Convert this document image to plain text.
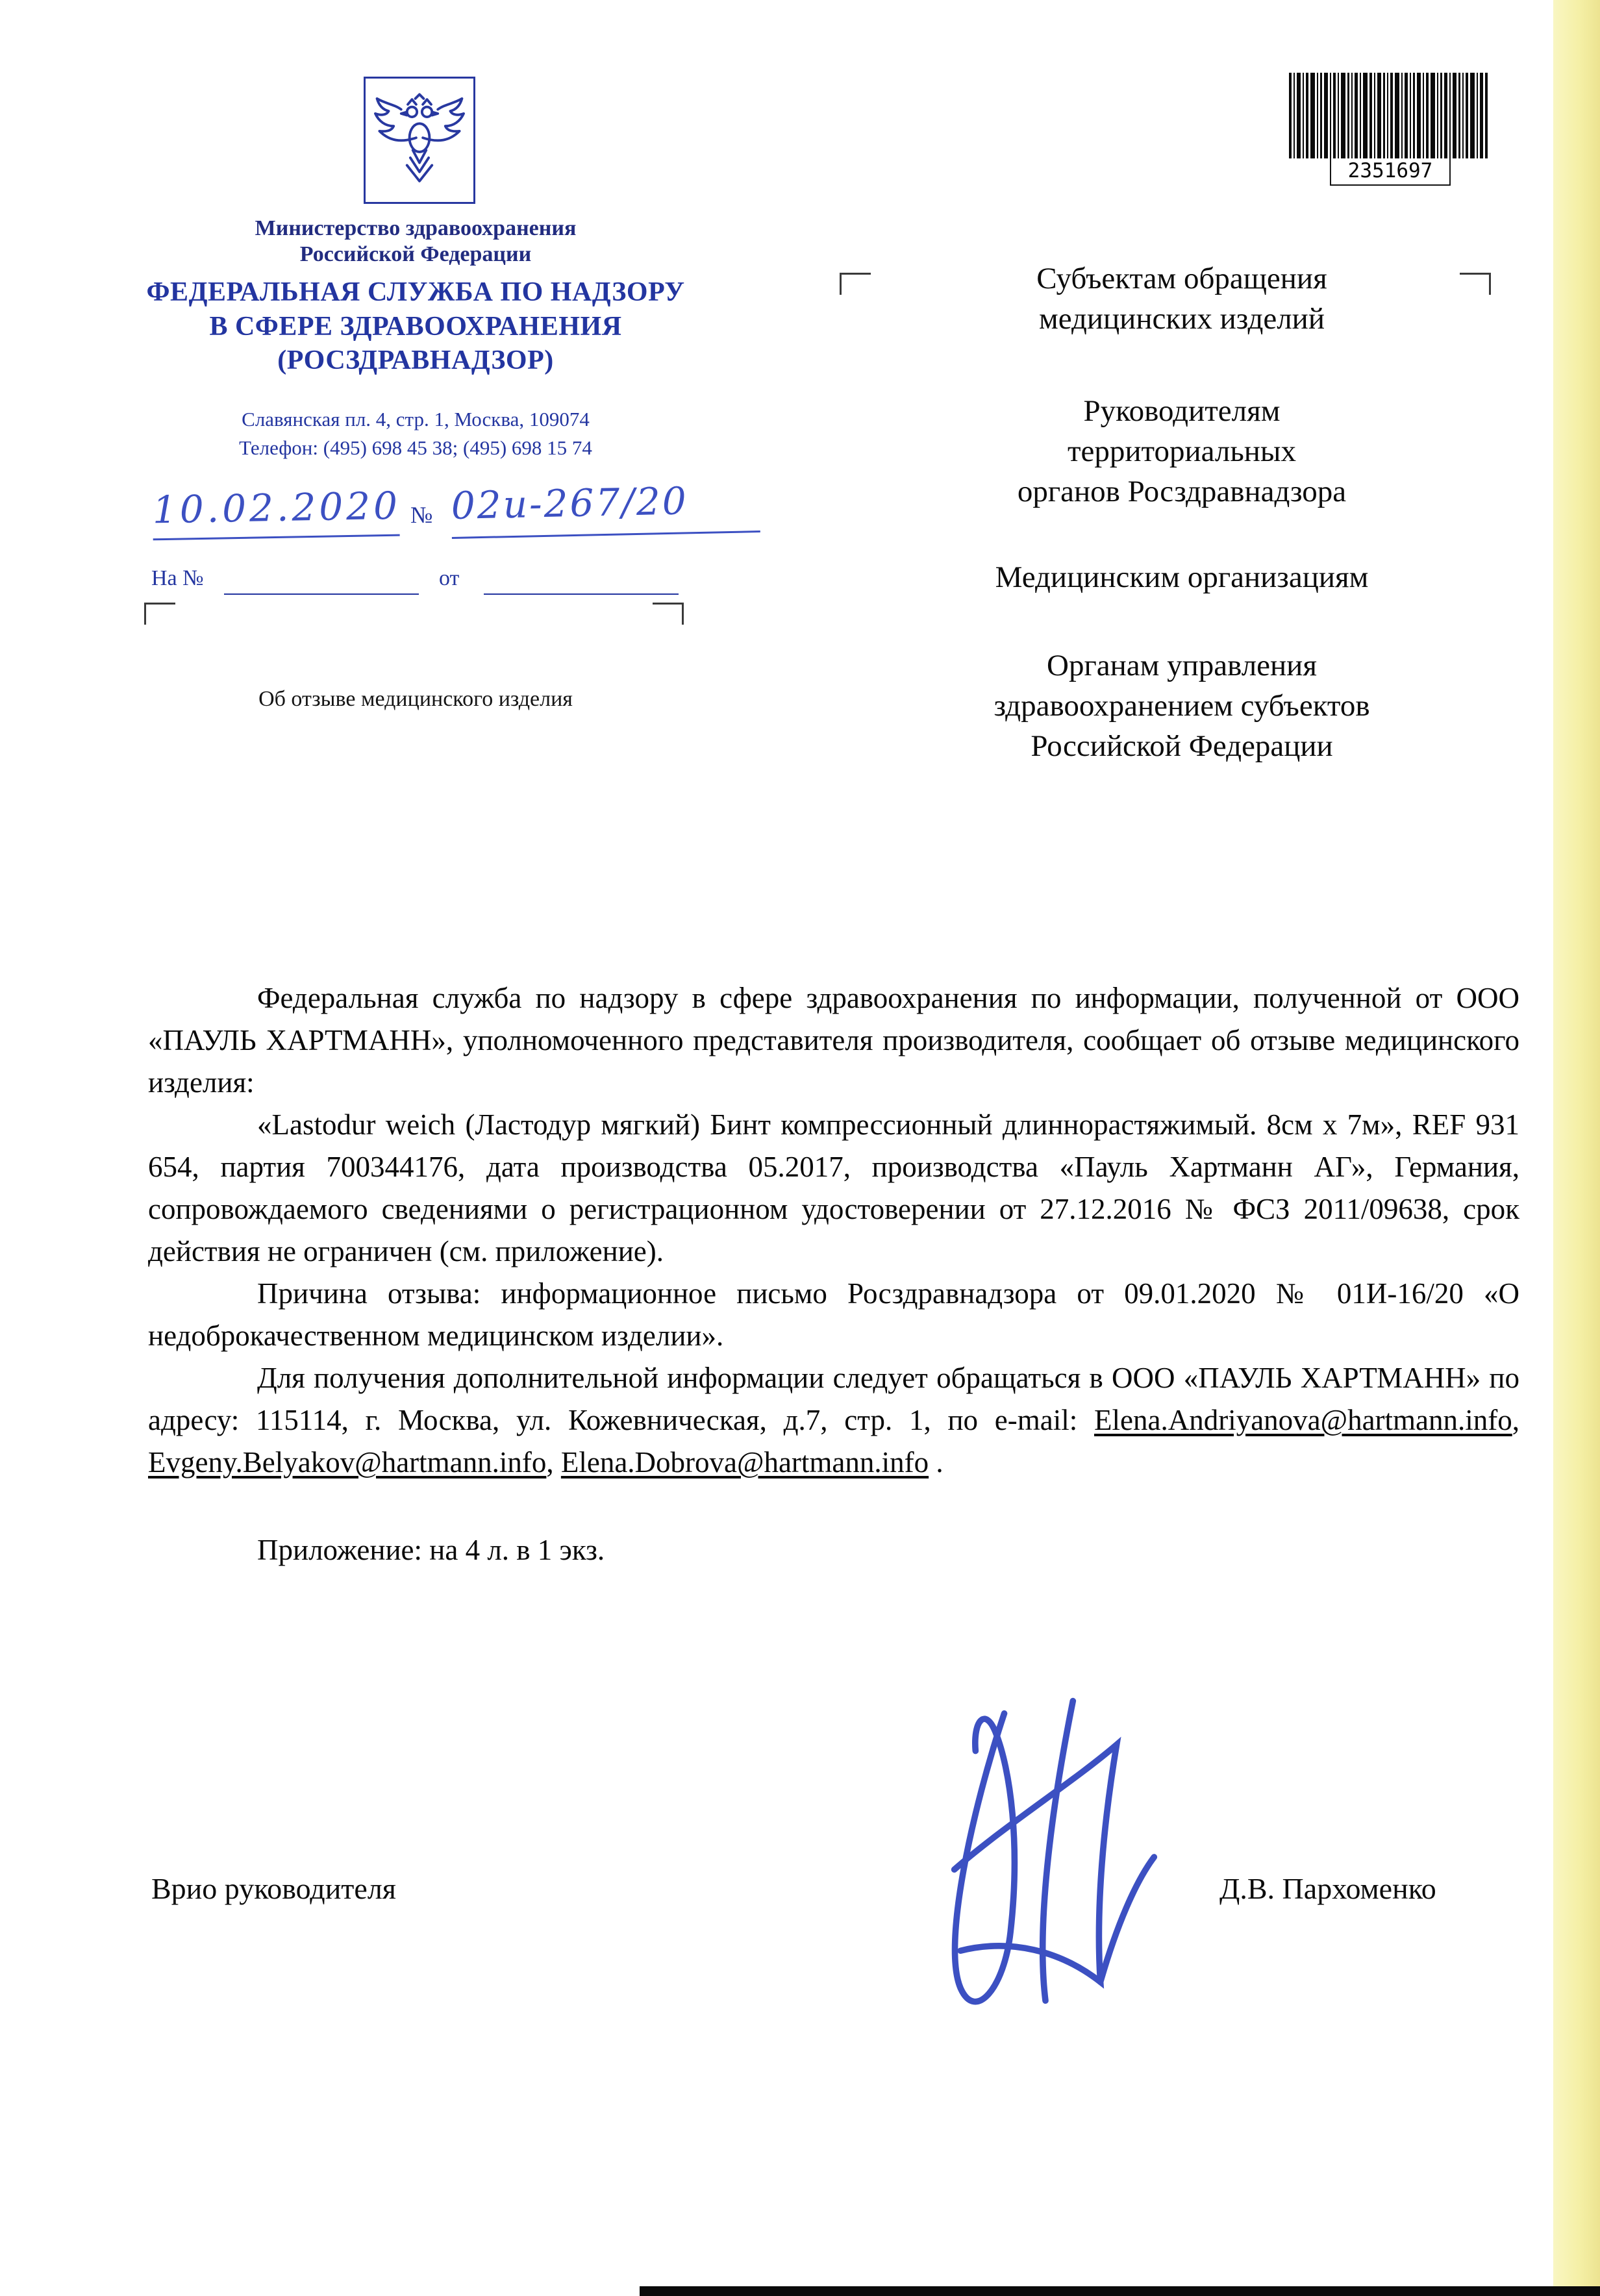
Министерство здравоохранения
Российской Федерации
ФЕДЕРАЛЬНАЯ СЛУЖБА ПО НАДЗОРУ
В СФЕРЕ ЗДРАВООХРАНЕНИЯ
(РОСЗДРАВНАДЗОР)
Славянская пл. 4, стр. 1, Москва, 109074
Телефон: (495) 698 45 38; (495) 698 15 74
10.02.2020 № 02и-267/20
На №	от
Об отзыве медицинского изделия
2351697
Субъектам обращения
медицинских изделий
Руководителям
территориальных
органов Росздравнадзора
Медицинским организациям
Органам управления
здравоохранением субъектов
Российской Федерации

Федеральная служба по надзору в сфере здравоохранения по информации, полученной от ООО «ПАУЛЬ ХАРТМАНН», уполномоченного представителя производителя, сообщает об отзыве медицинского изделия:

«Lastodur weich (Ластодур мягкий) Бинт компрессионный длиннорастяжимый. 8см х 7м», REF 931 654, партия 700344176, дата производства 05.2017, производства «Пауль Хартманн АГ», Германия, сопровождаемого сведениями о регистрационном удостоверении от 27.12.2016 № ФСЗ 2011/09638, срок действия не ограничен (см. приложение).

Причина отзыва: информационное письмо Росздравнадзора от 09.01.2020 № 01И-16/20 «О недоброкачественном медицинском изделии».

Для получения дополнительной информации следует обращаться в ООО «ПАУЛЬ ХАРТМАНН» по адресу: 115114, г. Москва, ул. Кожевническая, д.7, стр. 1, по e-mail: Elena.Andriyanova@hartmann.info, Evgeny.Belyakov@hartmann.info, Elena.Dobrova@hartmann.info .

Приложение: на 4 л. в 1 экз.

Врио руководителя	Д.В. Пархоменко
